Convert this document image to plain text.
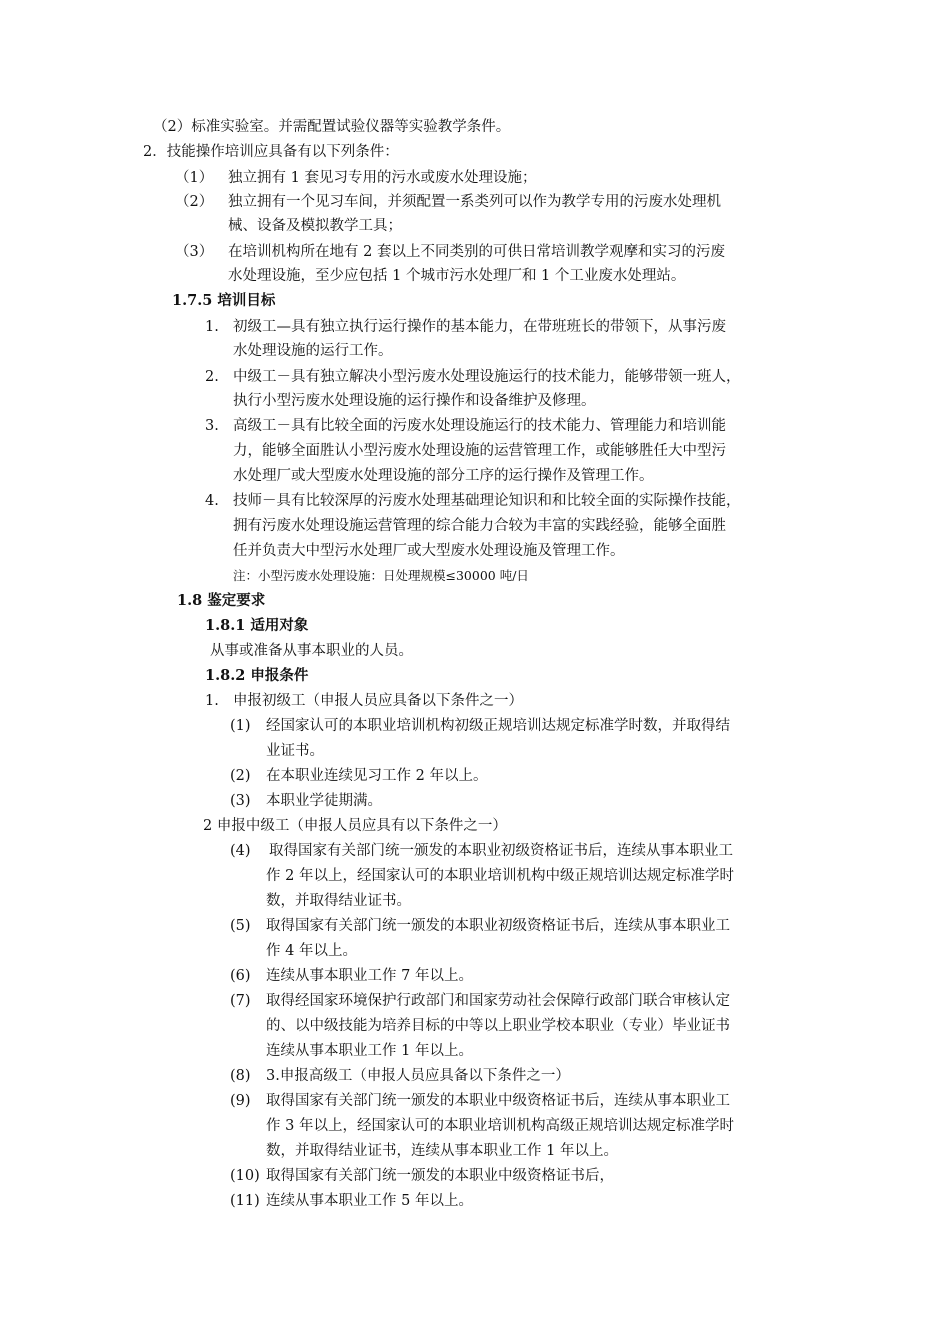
（2）标准实验室。并需配置试验仪器等实验教学条件。
2．技能操作培训应具备有以下列条件：
（1） 独立拥有 1 套见习专用的污水或废水处理设施；
（2） 独立拥有一个见习车间，并须配置一系类列可以作为教学专用的污废水处理机
械、设备及模拟教学工具；
（3） 在培训机构所在地有 2 套以上不同类别的可供日常培训教学观摩和实习的污废
水处理设施，至少应包括 1 个城市污水处理厂和 1 个工业废水处理站。
1.7.5 培训目标
1. 初级工—具有独立执行运行操作的基本能力，在带班班长的带领下，从事污废
水处理设施的运行工作。
2. 中级工－具有独立解决小型污废水处理设施运行的技术能力，能够带领一班人，
执行小型污废水处理设施的运行操作和设备维护及修理。
3. 高级工－具有比较全面的污废水处理设施运行的技术能力、管理能力和培训能
力，能够全面胜认小型污废水处理设施的运营管理工作，或能够胜任大中型污
水处理厂或大型废水处理设施的部分工序的运行操作及管理工作。
4. 技师－具有比较深厚的污废水处理基础理论知识和和比较全面的实际操作技能，
拥有污废水处理设施运营管理的综合能力合较为丰富的实践经验，能够全面胜
任并负责大中型污水处理厂或大型废水处理设施及管理工作。
注：小型污废水处理设施：日处理规模≤30000 吨/日
1.8 鉴定要求
1.8.1 适用对象
从事或准备从事本职业的人员。
1.8.2 申报条件
1. 申报初级工（申报人员应具备以下条件之一）
(1) 经国家认可的本职业培训机构初级正规培训达规定标准学时数，并取得结
业证书。
(2) 在本职业连续见习工作 2 年以上。
(3) 本职业学徒期满。
2 申报中级工（申报人员应具有以下条件之一）
(4) 取得国家有关部门统一颁发的本职业初级资格证书后，连续从事本职业工
作 2 年以上，经国家认可的本职业培训机构中级正规培训达规定标准学时
数，并取得结业证书。
(5) 取得国家有关部门统一颁发的本职业初级资格证书后，连续从事本职业工
作 4 年以上。
(6) 连续从事本职业工作 7 年以上。
(7) 取得经国家环境保护行政部门和国家劳动社会保障行政部门联合审核认定
的、以中级技能为培养目标的中等以上职业学校本职业（专业）毕业证书
连续从事本职业工作 1 年以上。
(8) 3.申报高级工（申报人员应具备以下条件之一）
(9) 取得国家有关部门统一颁发的本职业中级资格证书后，连续从事本职业工
作 3 年以上，经国家认可的本职业培训机构高级正规培训达规定标准学时
数，并取得结业证书，连续从事本职业工作 1 年以上。
(10) 取得国家有关部门统一颁发的本职业中级资格证书后，
(11) 连续从事本职业工作 5 年以上。
